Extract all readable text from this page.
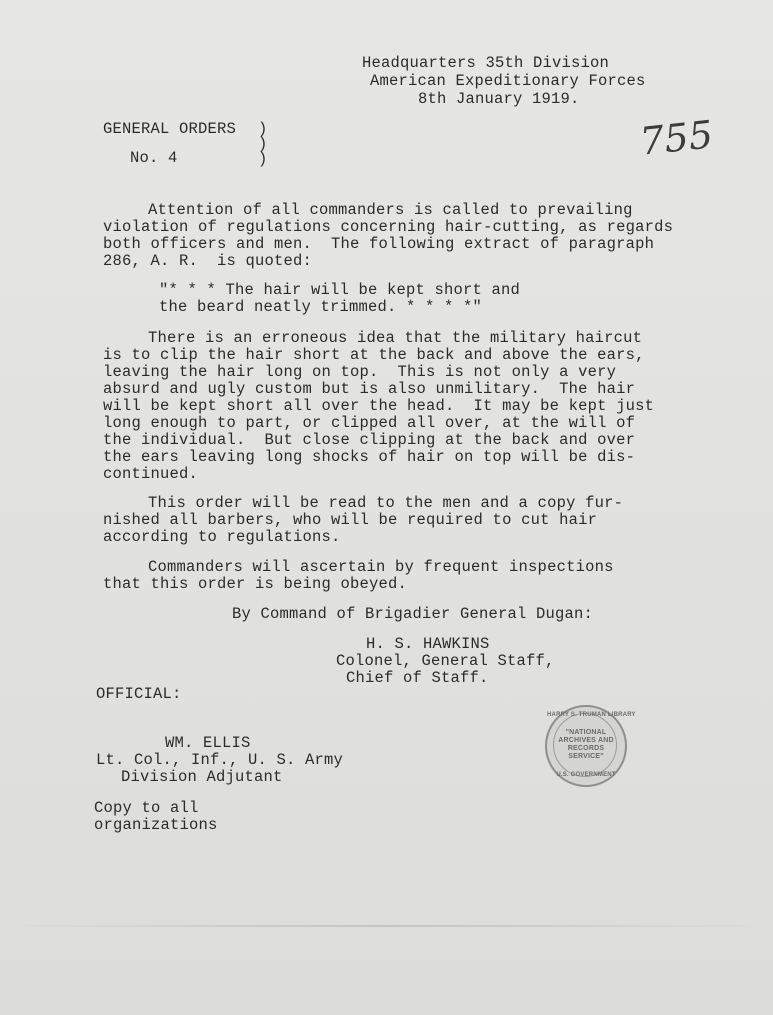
Headquarters 35th Division
American Expeditionary Forces
8th January 1919.
GENERAL ORDERS
No. 4
)
)
)	755
Attention of all commanders is called to prevailing
violation of regulations concerning hair-cutting, as regards
both officers and men.  The following extract of paragraph
286, A. R.  is quoted:
"* * * The hair will be kept short and
the beard neatly trimmed. * * * *"
There is an erroneous idea that the military haircut
is to clip the hair short at the back and above the ears,
leaving the hair long on top.  This is not only a very
absurd and ugly custom but is also unmilitary.  The hair
will be kept short all over the head.  It may be kept just
long enough to part, or clipped all over, at the will of
the individual.  But close clipping at the back and over
the ears leaving long shocks of hair on top will be dis-
continued.
This order will be read to the men and a copy fur-
nished all barbers, who will be required to cut hair
according to regulations.
Commanders will ascertain by frequent inspections
that this order is being obeyed.
By Command of Brigadier General Dugan:
H. S. HAWKINS
Colonel, General Staff,
Chief of Staff.
OFFICIAL:
WM. ELLIS
Lt. Col., Inf., U. S. Army
Division Adjutant
Copy to all
organizations
HARRY S. TRUMAN LIBRARY
"NATIONAL
ARCHIVES AND
RECORDS
SERVICE"
U.S. GOVERNMENT
